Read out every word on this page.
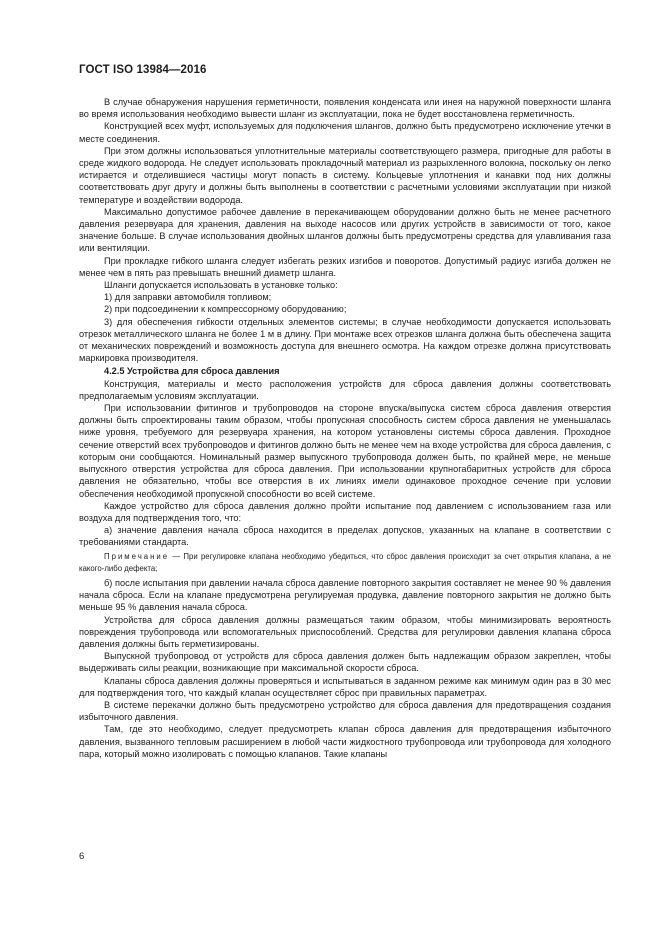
ГОСТ ISO 13984—2016

В случае обнаружения нарушения герметичности, появления конденсата или инея на наружной поверхности шланга во время использования необходимо вывести шланг из эксплуатации, пока не будет восстановлена герметичность.

Конструкцией всех муфт, используемых для подключения шлангов, должно быть предусмотрено исключение утечки в месте соединения.

При этом должны использоваться уплотнительные материалы соответствующего размера, пригодные для работы в среде жидкого водорода. Не следует использовать прокладочный материал из разрыхленного волокна, поскольку он легко истирается и отделившиеся частицы могут попасть в систему. Кольцевые уплотнения и канавки под них должны соответствовать друг другу и должны быть выполнены в соответствии с расчетными условиями эксплуатации при низкой температуре и воздействии водорода.

Максимально допустимое рабочее давление в перекачивающем оборудовании должно быть не менее расчетного давления резервуара для хранения, давления на выходе насосов или других устройств в зависимости от того, какое значение больше. В случае использования двойных шлангов должны быть предусмотрены средства для улавливания газа или вентиляции.

При прокладке гибкого шланга следует избегать резких изгибов и поворотов. Допустимый радиус изгиба должен не менее чем в пять раз превышать внешний диаметр шланга.

Шланги допускается использовать в установке только:

1) для заправки автомобиля топливом;

2) при подсоединении к компрессорному оборудованию;

3) для обеспечения гибкости отдельных элементов системы; в случае необходимости допускается использовать отрезок металлического шланга не более 1 м в длину. При монтаже всех отрезков шланга должна быть обеспечена защита от механических повреждений и возможность доступа для внешнего осмотра. На каждом отрезке должна присутствовать маркировка производителя.

4.2.5 Устройства для сброса давления

Конструкция, материалы и место расположения устройств для сброса давления должны соответствовать предполагаемым условиям эксплуатации.

При использовании фитингов и трубопроводов на стороне впуска/выпуска систем сброса давления отверстия должны быть спроектированы таким образом, чтобы пропускная способность систем сброса давления не уменьшалась ниже уровня, требуемого для резервуара хранения, на котором установлены системы сброса давления. Проходное сечение отверстий всех трубопроводов и фитингов должно быть не менее чем на входе устройства для сброса давления, с которым они сообщаются. Номинальный размер выпускного трубопровода должен быть, по крайней мере, не меньше выпускного отверстия устройства для сброса давления. При использовании крупногабаритных устройств для сброса давления не обязательно, чтобы все отверстия в их линиях имели одинаковое проходное сечение при условии обеспечения необходимой пропускной способности во всей системе.

Каждое устройство для сброса давления должно пройти испытание под давлением с использованием газа или воздуха для подтверждения того, что:

а) значение давления начала сброса находится в пределах допусков, указанных на клапане в соответствии с требованиями стандарта.

Примечание — При регулировке клапана необходимо убедиться, что сброс давления происходит за счет открытия клапана, а не какого-либо дефекта;

б) после испытания при давлении начала сброса давление повторного закрытия составляет не менее 90 % давления начала сброса. Если на клапане предусмотрена регулируемая продувка, давление повторного закрытия не должно быть меньше 95 % давления начала сброса.

Устройства для сброса давления должны размещаться таким образом, чтобы минимизировать вероятность повреждения трубопровода или вспомогательных приспособлений. Средства для регулировки давления клапана сброса давления должны быть герметизированы.

Выпускной трубопровод от устройств для сброса давления должен быть надлежащим образом закреплен, чтобы выдерживать силы реакции, возникающие при максимальной скорости сброса.

Клапаны сброса давления должны проверяться и испытываться в заданном режиме как минимум один раз в 30 мес для подтверждения того, что каждый клапан осуществляет сброс при правильных параметрах.

В системе перекачки должно быть предусмотрено устройство для сброса давления для предотвращения создания избыточного давления.

Там, где это необходимо, следует предусмотреть клапан сброса давления для предотвращения избыточного давления, вызванного тепловым расширением в любой части жидкостного трубопровода или трубопровода для холодного пара, который можно изолировать с помощью клапанов. Такие клапаны

6
